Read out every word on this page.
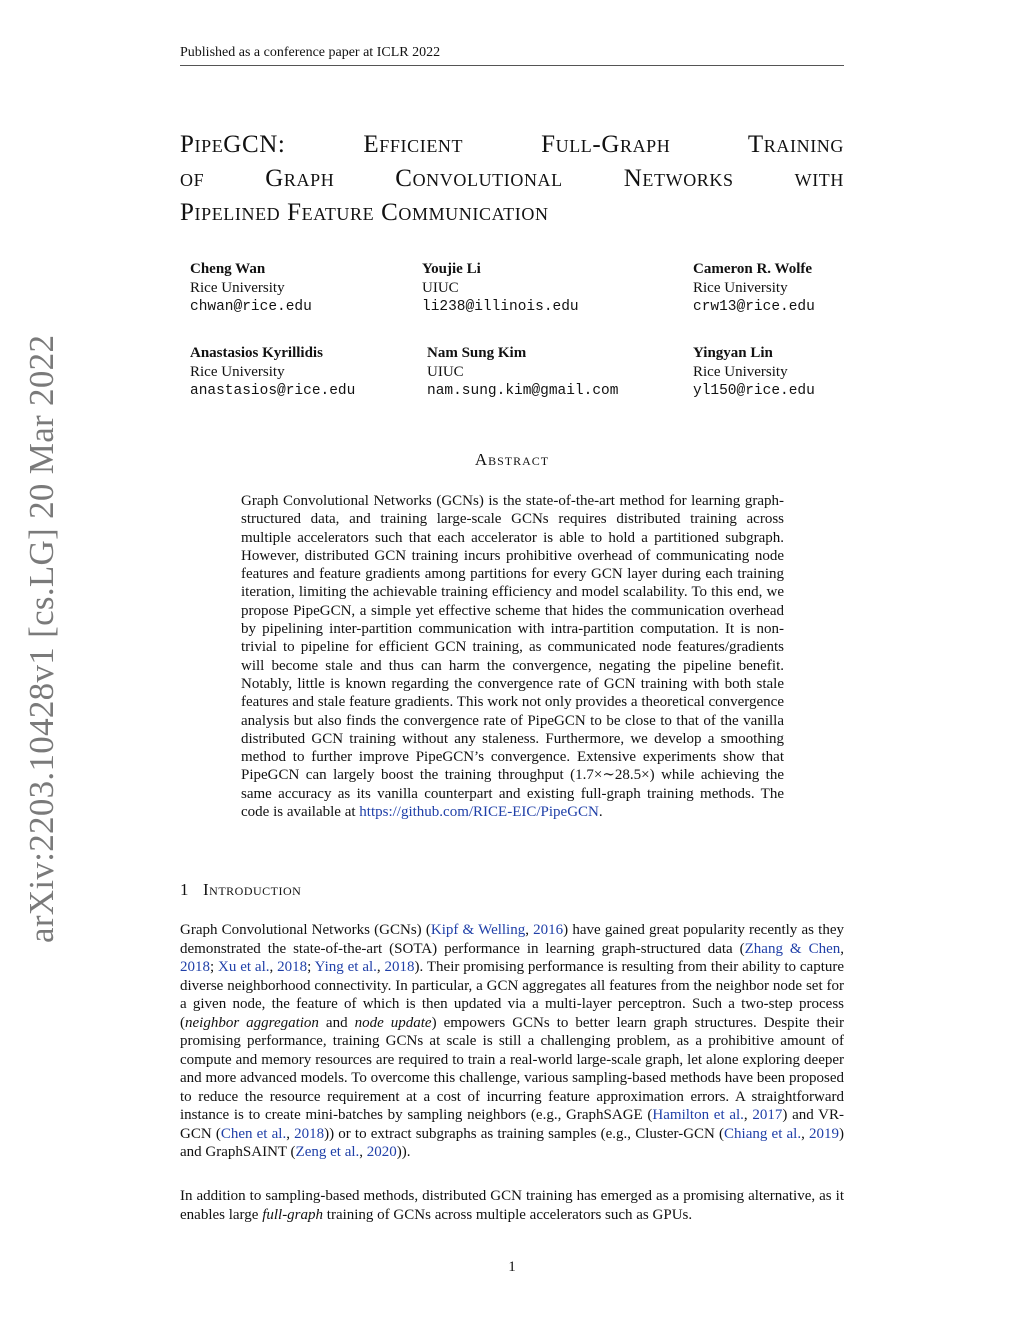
Published as a conference paper at ICLR 2022
PipeGCN: Efficient Full-Graph Training
of Graph Convolutional Networks with
Pipelined Feature Communication
Cheng Wan
Rice University
chwan@rice.edu
Youjie Li
UIUC
li238@illinois.edu
Cameron R. Wolfe
Rice University
crw13@rice.edu
Anastasios Kyrillidis
Rice University
anastasios@rice.edu
Nam Sung Kim
UIUC
nam.sung.kim@gmail.com
Yingyan Lin
Rice University
yl150@rice.edu
arXiv:2203.10428v1 [cs.LG] 20 Mar 2022	Abstract
Graph Convolutional Networks (GCNs) is the state-of-the-art method for learning graph-structured data, and training large-scale GCNs requires distributed training across multiple accelerators such that each accelerator is able to hold a partitioned subgraph. However, distributed GCN training incurs prohibitive overhead of communicating node features and feature gradients among partitions for every GCN layer during each training iteration, limiting the achievable training efficiency and model scalability. To this end, we propose PipeGCN, a simple yet effective scheme that hides the communication overhead by pipelining inter-partition communication with intra-partition computation. It is non-trivial to pipeline for efficient GCN training, as communicated node features/gradients will become stale and thus can harm the convergence, negating the pipeline benefit. Notably, little is known regarding the convergence rate of GCN training with both stale features and stale feature gradients. This work not only provides a theoretical convergence analysis but also finds the convergence rate of PipeGCN to be close to that of the vanilla distributed GCN training without any staleness. Furthermore, we develop a smoothing method to further improve PipeGCN’s convergence. Extensive experiments show that PipeGCN can largely boost the training throughput (1.7×∼28.5×) while achieving the same accuracy as its vanilla counterpart and existing full-graph training methods. The code is available at https://github.com/RICE-EIC/PipeGCN.
1 Introduction
Graph Convolutional Networks (GCNs) (Kipf & Welling, 2016) have gained great popularity recently as they demonstrated the state-of-the-art (SOTA) performance in learning graph-structured data (Zhang & Chen, 2018; Xu et al., 2018; Ying et al., 2018). Their promising performance is resulting from their ability to capture diverse neighborhood connectivity. In particular, a GCN aggregates all features from the neighbor node set for a given node, the feature of which is then updated via a multi-layer perceptron. Such a two-step process (neighbor aggregation and node update) empowers GCNs to better learn graph structures. Despite their promising performance, training GCNs at scale is still a challenging problem, as a prohibitive amount of compute and memory resources are required to train a real-world large-scale graph, let alone exploring deeper and more advanced models. To overcome this challenge, various sampling-based methods have been proposed to reduce the resource requirement at a cost of incurring feature approximation errors. A straightforward instance is to create mini-batches by sampling neighbors (e.g., GraphSAGE (Hamilton et al., 2017) and VR-GCN (Chen et al., 2018)) or to extract subgraphs as training samples (e.g., Cluster-GCN (Chiang et al., 2019) and GraphSAINT (Zeng et al., 2020)).
In addition to sampling-based methods, distributed GCN training has emerged as a promising alternative, as it enables large full-graph training of GCNs across multiple accelerators such as GPUs.
1
